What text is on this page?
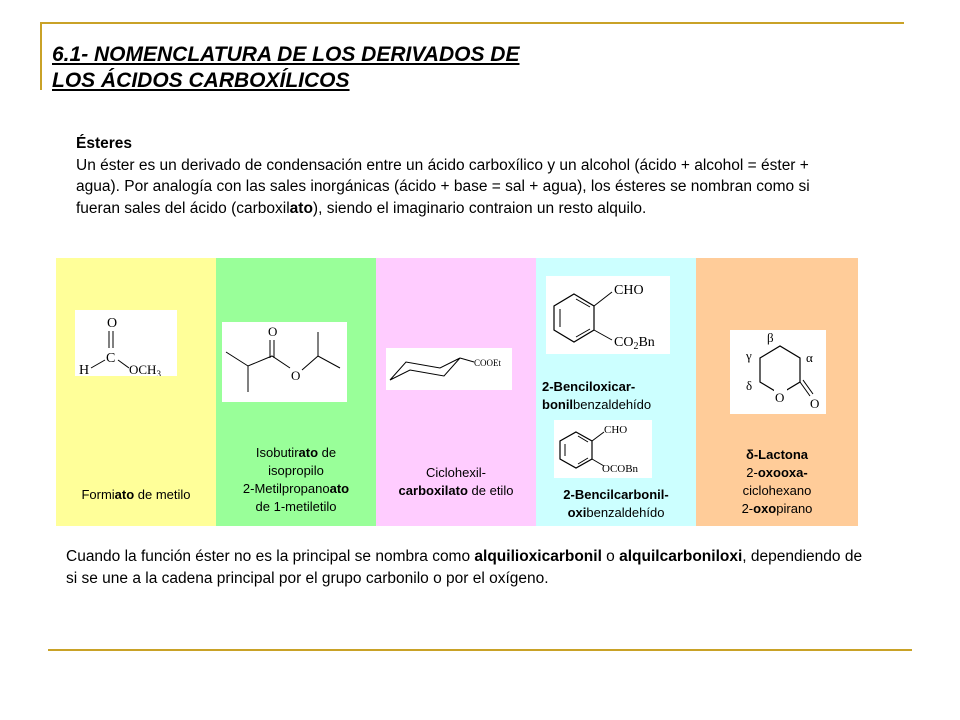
6.1- NOMENCLATURA DE LOS DERIVADOS DE
LOS ÁCIDOS CARBOXÍLICOS
Ésteres
Un éster es un derivado de condensación entre un ácido carboxílico y un alcohol (ácido + alcohol = éster + agua). Por analogía con las sales inorgánicas (ácido + base = sal + agua), los ésteres se nombran como si fueran sales del ácido (carboxilato), siendo el imaginario contraion un resto alquilo.
O
C
H	$OCH_3$
Formiato de metilo
O
O
Isobutirato de
isopropilo
2-Metilpropanoato
de 1-metiletilo
COOEt
Ciclohexil-
carboxilato de etilo
CHO
$CO_2Bn$
2-Benciloxicar-
bonilbenzaldehído
CHO
OCOBn
2-Bencilcarbonil-
oxibenzaldehído
β
γ	α
δ
O O
δ-Lactona
2-oxooxa-
ciclohexano
2-oxopirano
Cuando la función éster no es la principal se nombra como alquilioxicarbonil o alquilcarboniloxi, dependiendo de si se une a la cadena principal por el grupo carbonilo o por el oxígeno.
